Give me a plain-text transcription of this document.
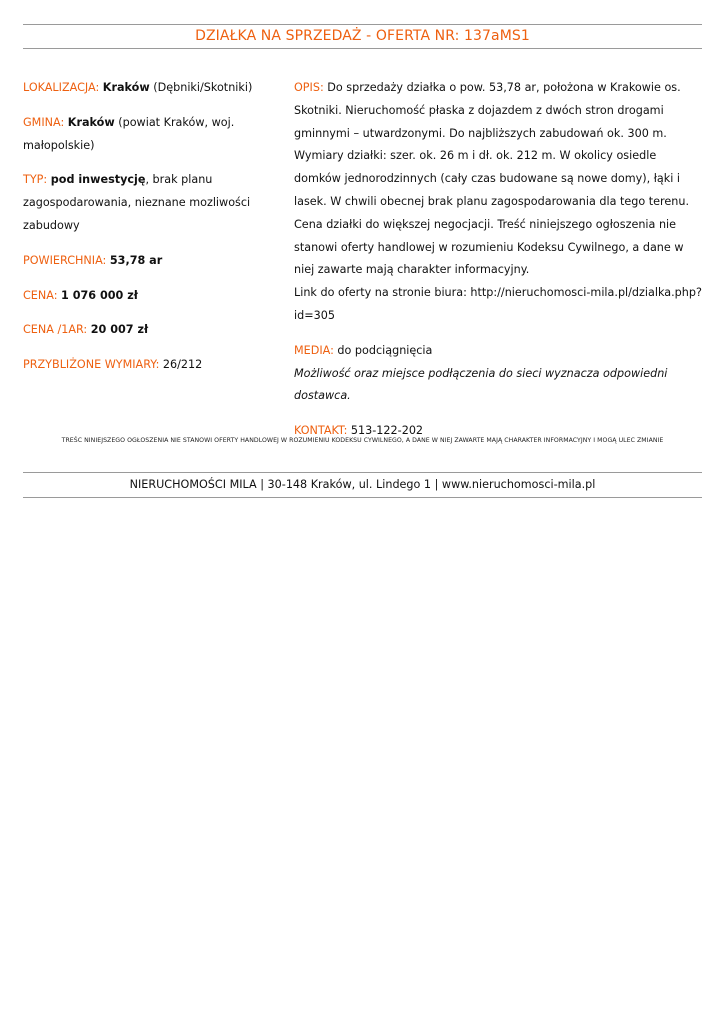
DZIAŁKA NA SPRZEDAŻ - OFERTA NR: 137aMS1

LOKALIZACJA: Kraków (Dębniki/Skotniki)

GMINA: Kraków (powiat Kraków, woj. małopolskie)

TYP: pod inwestycję, brak planu zagospodarowania, nieznane mozliwości zabudowy

POWIERCHNIA: 53,78 ar

CENA: 1 076 000 zł

CENA /1AR: 20 007 zł

PRZYBLIŻONE WYMIARY: 26/212

OPIS: Do sprzedaży działka o pow. 53,78 ar, położona w Krakowie os. Skotniki. Nieruchomość płaska z dojazdem z dwóch stron drogami gminnymi – utwardzonymi. Do najbliższych zabudowań ok. 300 m. Wymiary działki: szer. ok. 26 m i dł. ok. 212 m. W okolicy osiedle domków jednorodzinnych (cały czas budowane są nowe domy), łąki i lasek. W chwili obecnej brak planu zagospodarowania dla tego terenu. Cena działki do większej negocjacji. Treść niniejszego ogłoszenia nie stanowi oferty handlowej w rozumieniu Kodeksu Cywilnego, a dane w niej zawarte mają charakter informacyjny.

Link do oferty na stronie biura: http://nieruchomosci-mila.pl/dzialka.php?id=305

MEDIA: do podciągnięcia

Możliwość oraz miejsce podłączenia do sieci wyznacza odpowiedni dostawca.

KONTAKT: 513-122-202

TREŚC NINIEJSZEGO OGŁOSZENIA NIE STANOWI OFERTY HANDLOWEJ W ROZUMIENIU KODEKSU CYWILNEGO, A DANE W NIEJ ZAWARTE MAJĄ CHARAKTER INFORMACYJNY I MOGĄ ULEC ZMIANIE
NIERUCHOMOŚCI MILA | 30-148 Kraków, ul. Lindego 1 | www.nieruchomosci-mila.pl
